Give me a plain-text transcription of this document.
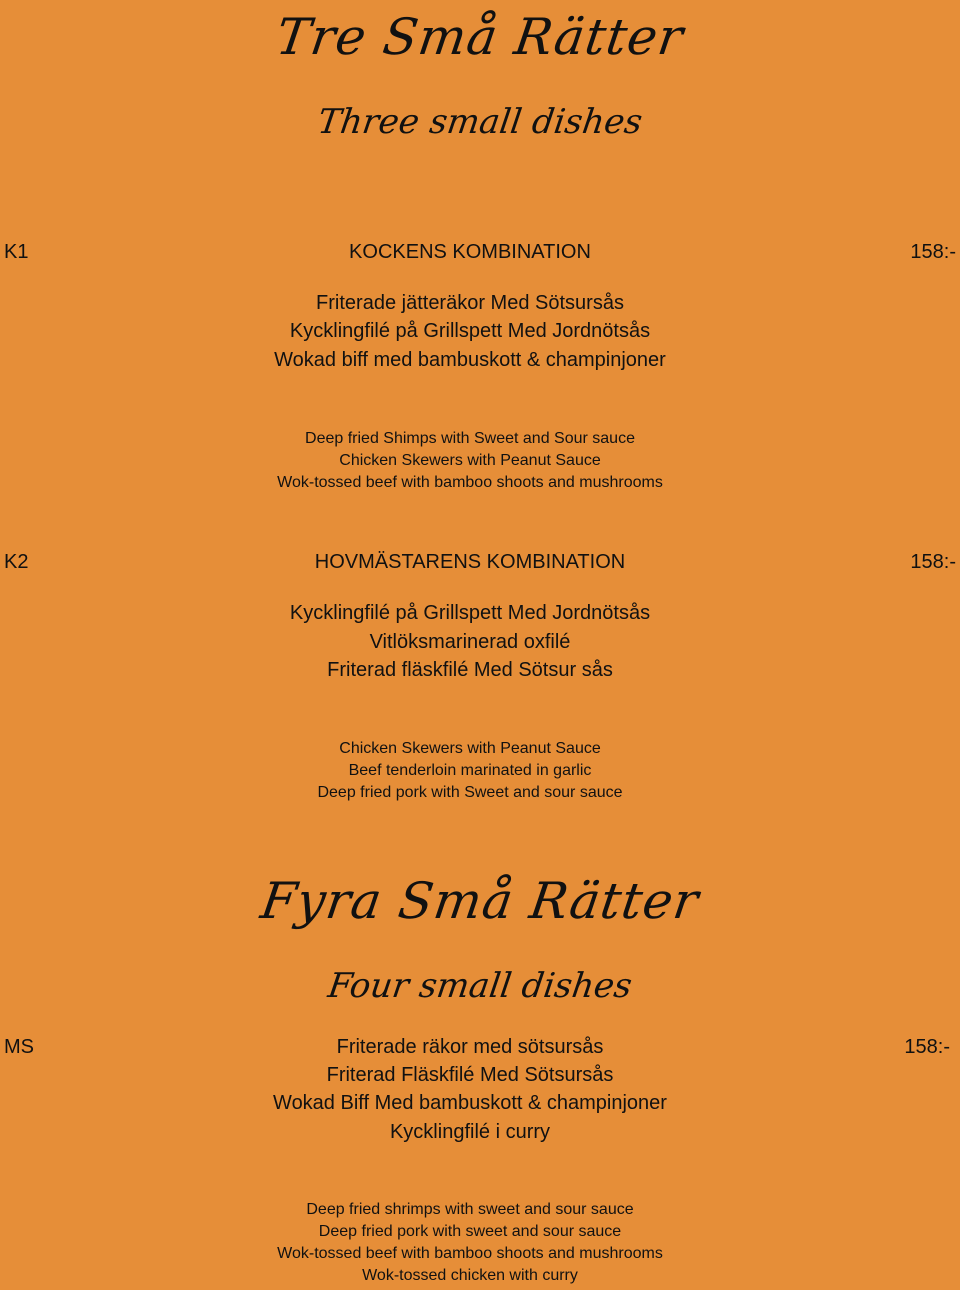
Tre Små Rätter
Three small dishes
K1	KOCKENS KOMBINATION	158:-
Friterade jätteräkor Med Sötsursås
Kycklingfilé på Grillspett Med Jordnötsås
Wokad biff med bambuskott & champinjoner
Deep fried Shimps with Sweet and Sour sauce
Chicken Skewers with Peanut Sauce
Wok-tossed beef with bamboo shoots and mushrooms
K2	HOVMÄSTARENS KOMBINATION	158:-
Kycklingfilé på Grillspett Med Jordnötsås
Vitlöksmarinerad oxfilé
Friterad fläskfilé Med Sötsur sås
Chicken Skewers with Peanut Sauce
Beef tenderloin marinated in garlic
Deep fried pork with Sweet and sour sauce
Fyra Små Rätter
Four small dishes
MS	158:-
Friterade räkor med sötsursås
Friterad Fläskfilé Med Sötsursås
Wokad Biff Med bambuskott & champinjoner
Kycklingfilé i curry
Deep fried shrimps with sweet and sour sauce
Deep fried pork with sweet and sour sauce
Wok-tossed beef with bamboo shoots and mushrooms
Wok-tossed chicken with curry
